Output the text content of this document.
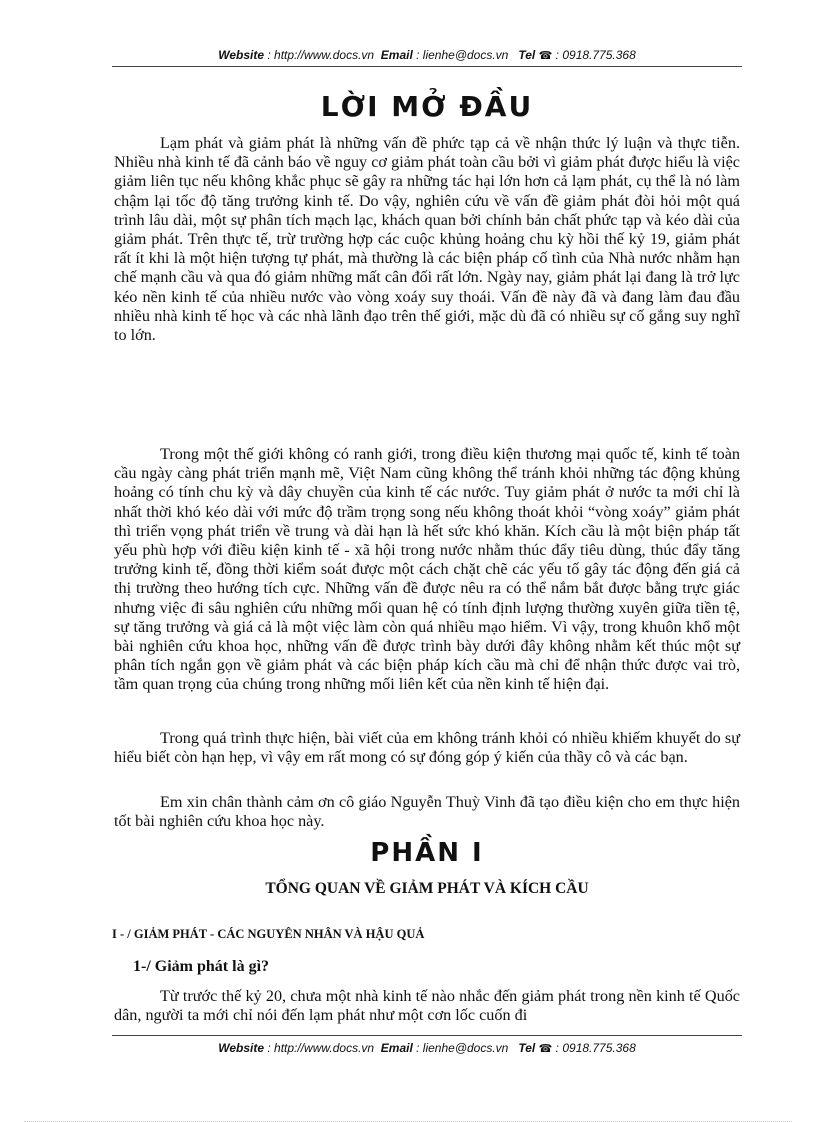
Website : http://www.docs.vn Email : lienhe@docs.vn Tel ☎ : 0918.775.368
LỜI MỞ ĐẦU

Lạm phát và giảm phát là những vấn đề phức tạp cả về nhận thức lý luận và thực tiễn. Nhiều nhà kinh tế đã cảnh báo về nguy cơ giảm phát toàn cầu bởi vì giảm phát được hiểu là việc giảm liên tục nếu không khắc phục sẽ gây ra những tác hại lớn hơn cả lạm phát, cụ thể là nó làm chậm lại tốc độ tăng trưởng kinh tế. Do vậy, nghiên cứu về vấn đề giảm phát đòi hỏi một quá trình lâu dài, một sự phân tích mạch lạc, khách quan bởi chính bản chất phức tạp và kéo dài của giảm phát. Trên thực tế, trừ trường hợp các cuộc khủng hoảng chu kỳ hồi thế kỷ 19, giảm phát rất ít khi là một hiện tượng tự phát, mà thường là các biện pháp cố tình của Nhà nước nhằm hạn chế mạnh cầu và qua đó giảm những mất cân đối rất lớn. Ngày nay, giảm phát lại đang là trở lực kéo nền kinh tế của nhiều nước vào vòng xoáy suy thoái. Vấn đề này đã và đang làm đau đầu nhiều nhà kinh tế học và các nhà lãnh đạo trên thế giới, mặc dù đã có nhiều sự cố gắng suy nghĩ to lớn.

Trong một thế giới không có ranh giới, trong điều kiện thương mại quốc tế, kinh tế toàn cầu ngày càng phát triển mạnh mẽ, Việt Nam cũng không thể tránh khỏi những tác động khủng hoảng có tính chu kỳ và dây chuyền của kinh tế các nước. Tuy giảm phát ở nước ta mới chỉ là nhất thời khó kéo dài với mức độ trầm trọng song nếu không thoát khỏi “vòng xoáy” giảm phát thì triển vọng phát triển về trung và dài hạn là hết sức khó khăn. Kích cầu là một biện pháp tất yếu phù hợp với điều kiện kinh tế - xã hội trong nước nhằm thúc đẩy tiêu dùng, thúc đẩy tăng trưởng kinh tế, đồng thời kiểm soát được một cách chặt chẽ các yếu tố gây tác động đến giá cả thị trường theo hướng tích cực. Những vấn đề được nêu ra có thể nắm bắt được bằng trực giác nhưng việc đi sâu nghiên cứu những mối quan hệ có tính định lượng thường xuyên giữa tiền tệ, sự tăng trưởng và giá cả là một việc làm còn quá nhiều mạo hiểm. Vì vậy, trong khuôn khổ một bài nghiên cứu khoa học, những vấn đề được trình bày dưới đây không nhằm kết thúc một sự phân tích ngắn gọn về giảm phát và các biện pháp kích cầu mà chỉ để nhận thức được vai trò, tầm quan trọng của chúng trong những mối liên kết của nền kinh tế hiện đại.

Trong quá trình thực hiện, bài viết của em không tránh khỏi có nhiều khiếm khuyết do sự hiểu biết còn hạn hẹp, vì vậy em rất mong có sự đóng góp ý kiến của thầy cô và các bạn.

Em xin chân thành cảm ơn cô giáo Nguyễn Thuỳ Vinh đã tạo điều kiện cho em thực hiện tốt bài nghiên cứu khoa học này.

PHẦN I
TỔNG QUAN VỀ GIẢM PHÁT VÀ KÍCH CẦU
I - / GIẢM PHÁT - CÁC NGUYÊN NHÂN VÀ HẬU QUẢ
1-/ Giảm phát là gì?

Từ trước thế kỷ 20, chưa một nhà kinh tế nào nhắc đến giảm phát trong nền kinh tế Quốc dân, người ta mới chỉ nói đến lạm phát như một cơn lốc cuốn đi

Website : http://www.docs.vn Email : lienhe@docs.vn Tel ☎ : 0918.775.368
